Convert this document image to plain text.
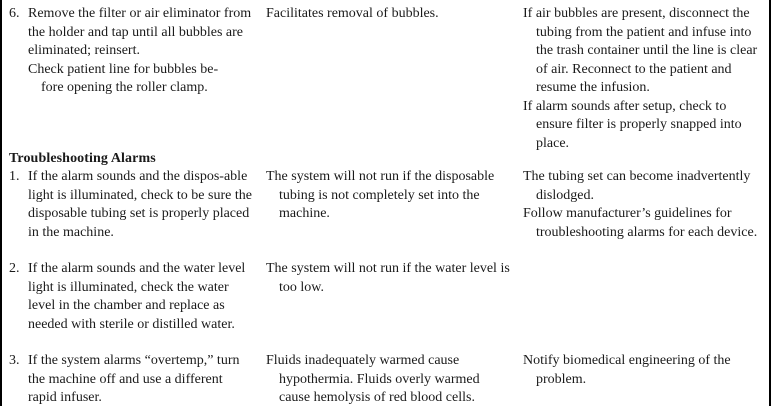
6. Remove the filter or air eliminator from the holder and tap until all bubbles are eliminated; reinsert.

Check patient line for bubbles be-
fore opening the roller clamp.

Facilitates removal of bubbles.	If air bubbles are present, disconnect the tubing from the patient and infuse into the trash container until the line is clear of air. Reconnect to the patient and resume the infusion.

If alarm sounds after setup, check to ensure filter is properly snapped into place.

Troubleshooting Alarms
1. If the alarm sounds and the dispos-able light is illuminated, check to be sure the disposable tubing set is properly placed in the machine.

The system will not run if the disposable tubing is not completely set into the machine.

The tubing set can become inadvertently dislodged.

Follow manufacturer’s guidelines for troubleshooting alarms for each device.

2. If the alarm sounds and the water level light is illuminated, check the water level in the chamber and replace as needed with sterile or distilled water.

The system will not run if the water level is too low.

3. If the system alarms “overtemp,” turn the machine off and use a different rapid infuser.

Fluids inadequately warmed cause hypothermia. Fluids overly warmed cause hemolysis of red blood cells.

Notify biomedical engineering of the problem.
